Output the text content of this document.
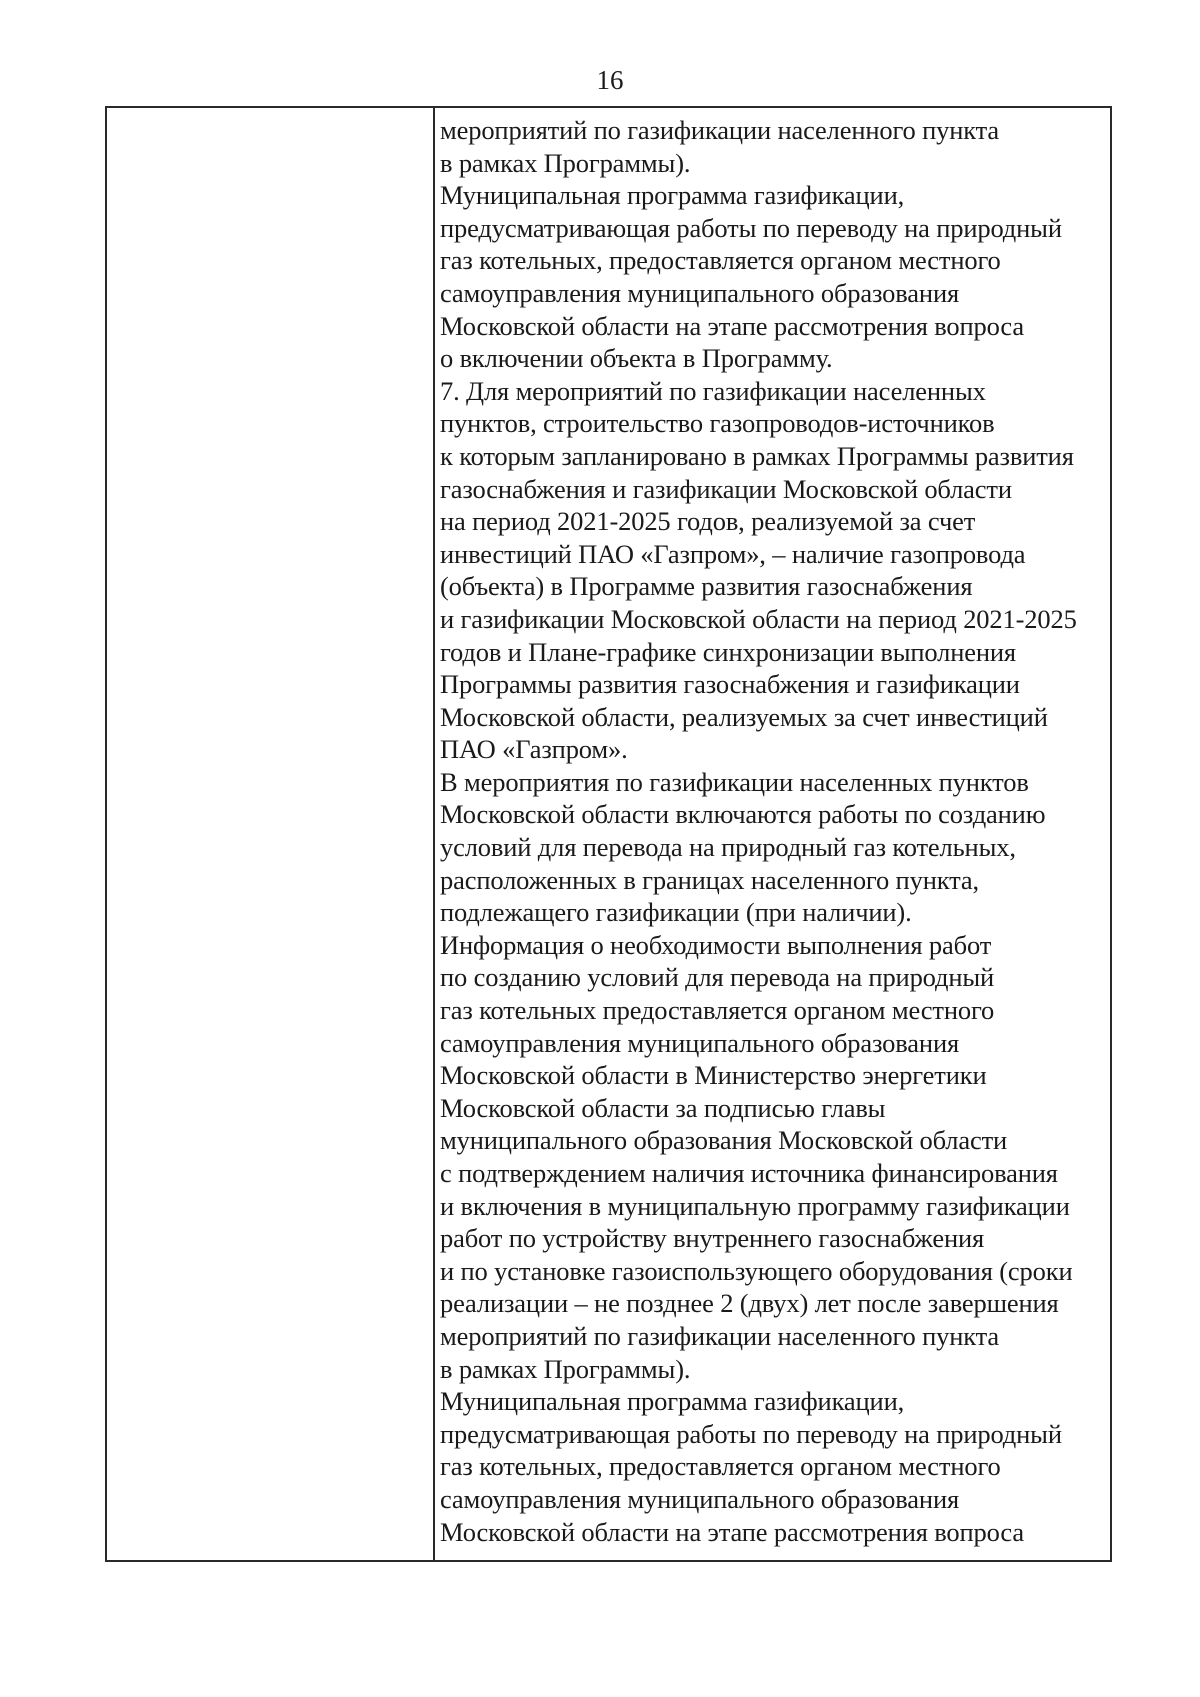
16
мероприятий по газификации населенного пункта
в рамках Программы).
Муниципальная программа газификации,
предусматривающая работы по переводу на природный
газ котельных, предоставляется органом местного
самоуправления муниципального образования
Московской области на этапе рассмотрения вопроса
о включении объекта в Программу.
7. Для мероприятий по газификации населенных
пунктов, строительство газопроводов-источников
к которым запланировано в рамках Программы развития
газоснабжения и газификации Московской области
на период 2021-2025 годов, реализуемой за счет
инвестиций ПАО «Газпром», – наличие газопровода
(объекта) в Программе развития газоснабжения
и газификации Московской области на период 2021-2025
годов и Плане-графике синхронизации выполнения
Программы развития газоснабжения и газификации
Московской области, реализуемых за счет инвестиций
ПАО «Газпром».
В мероприятия по газификации населенных пунктов
Московской области включаются работы по созданию
условий для перевода на природный газ котельных,
расположенных в границах населенного пункта,
подлежащего газификации (при наличии).
Информация о необходимости выполнения работ
по созданию условий для перевода на природный
газ котельных предоставляется органом местного
самоуправления муниципального образования
Московской области в Министерство энергетики
Московской области за подписью главы
муниципального образования Московской области
с подтверждением наличия источника финансирования
и включения в муниципальную программу газификации
работ по устройству внутреннего газоснабжения
и по установке газоиспользующего оборудования (сроки
реализации – не позднее 2 (двух) лет после завершения
мероприятий по газификации населенного пункта
в рамках Программы).
Муниципальная программа газификации,
предусматривающая работы по переводу на природный
газ котельных, предоставляется органом местного
самоуправления муниципального образования
Московской области на этапе рассмотрения вопроса
